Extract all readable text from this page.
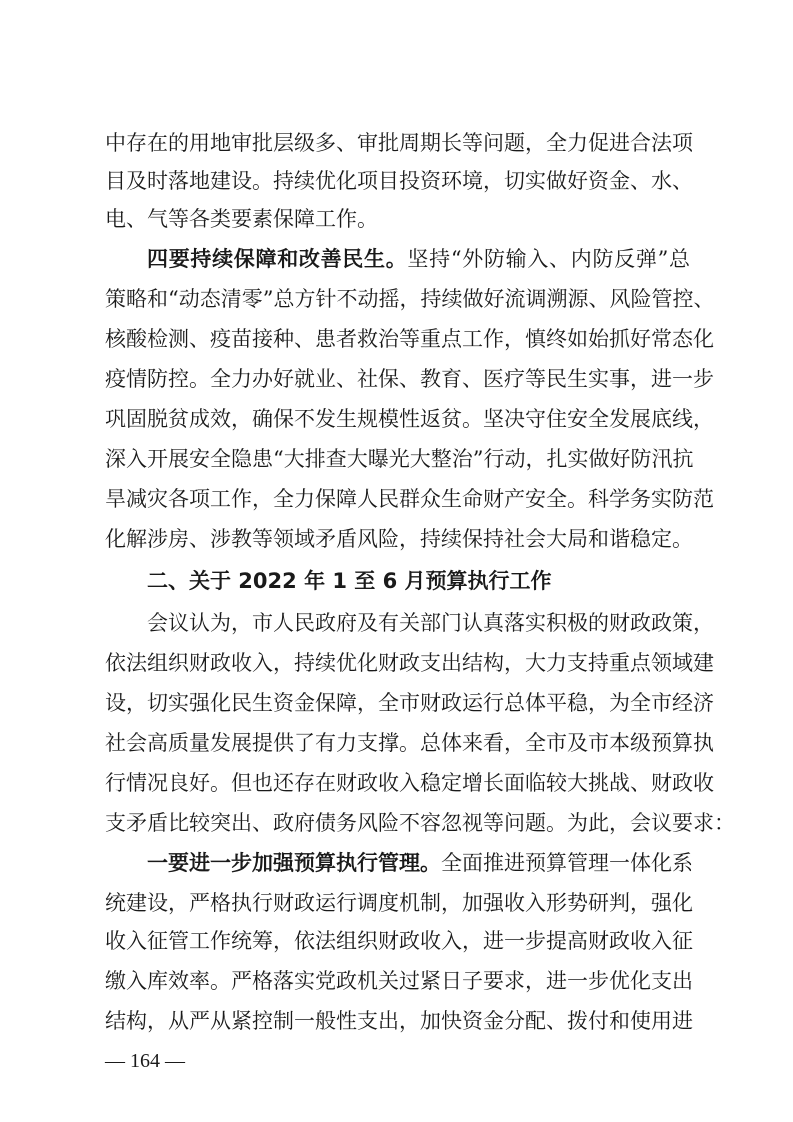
中存在的用地审批层级多、审批周期长等问题，全力促进合法项
目及时落地建设。持续优化项目投资环境，切实做好资金、水、
电、气等各类要素保障工作。
四要持续保障和改善民生。坚持“外防输入、内防反弹”总
策略和“动态清零”总方针不动摇，持续做好流调溯源、风险管控、
核酸检测、疫苗接种、患者救治等重点工作，慎终如始抓好常态化
疫情防控。全力办好就业、社保、教育、医疗等民生实事，进一步
巩固脱贫成效，确保不发生规模性返贫。坚决守住安全发展底线，
深入开展安全隐患“大排查大曝光大整治”行动，扎实做好防汛抗
旱减灾各项工作，全力保障人民群众生命财产安全。科学务实防范
化解涉房、涉教等领域矛盾风险，持续保持社会大局和谐稳定。
二、关于 2022 年 1 至 6 月预算执行工作
会议认为，市人民政府及有关部门认真落实积极的财政政策，
依法组织财政收入，持续优化财政支出结构，大力支持重点领域建
设，切实强化民生资金保障，全市财政运行总体平稳，为全市经济
社会高质量发展提供了有力支撑。总体来看，全市及市本级预算执
行情况良好。但也还存在财政收入稳定增长面临较大挑战、财政收
支矛盾比较突出、政府债务风险不容忽视等问题。为此，会议要求：
一要进一步加强预算执行管理。全面推进预算管理一体化系
统建设，严格执行财政运行调度机制，加强收入形势研判，强化
收入征管工作统筹，依法组织财政收入，进一步提高财政收入征
缴入库效率。严格落实党政机关过紧日子要求，进一步优化支出
结构，从严从紧控制一般性支出，加快资金分配、拨付和使用进
— 164 —
